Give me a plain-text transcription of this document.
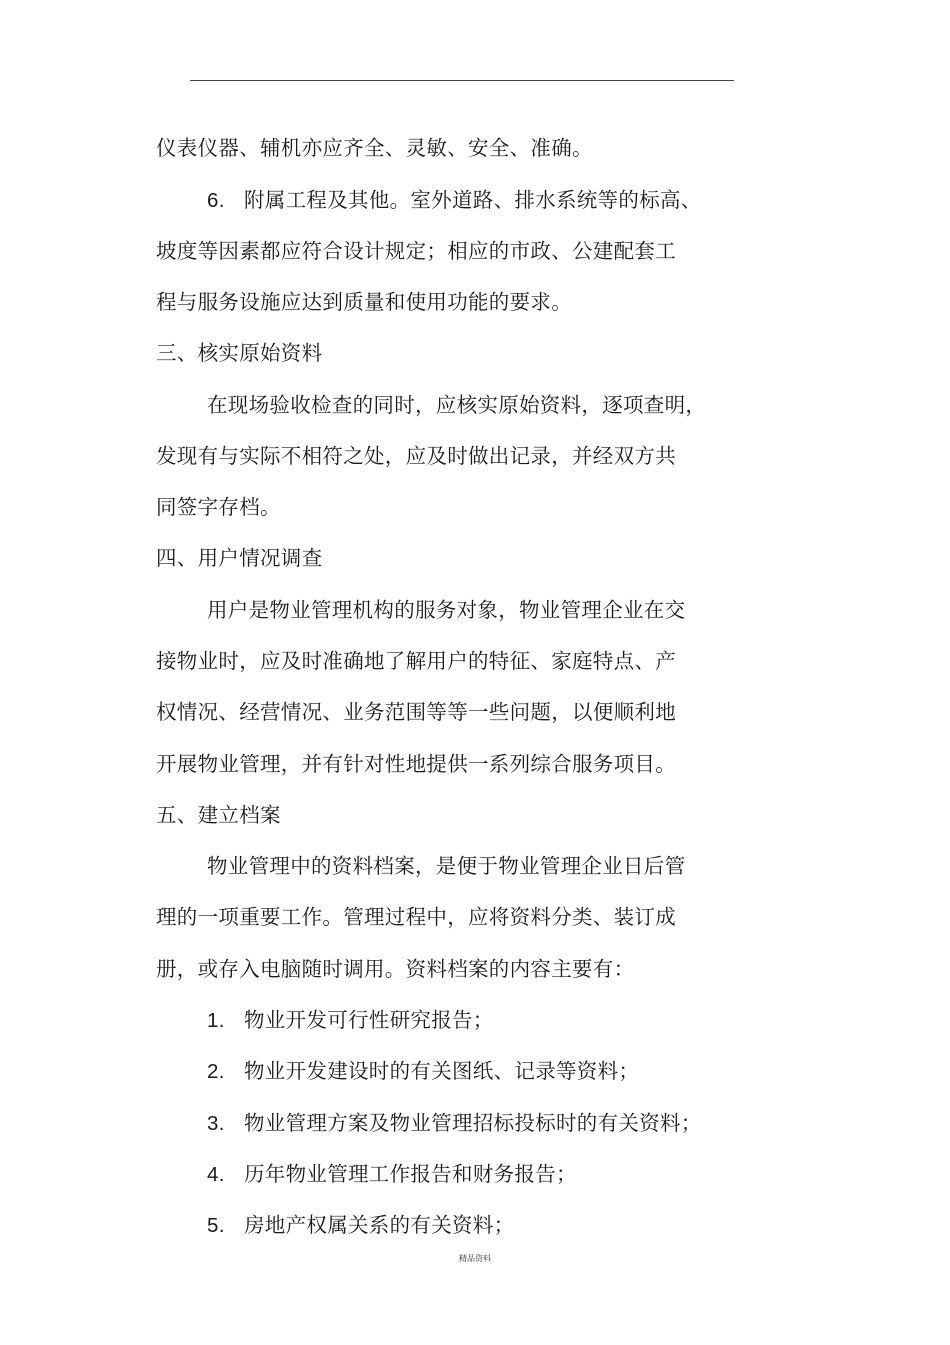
仪表仪器、辅机亦应齐全、灵敏、安全、准确。
6. 附属工程及其他。室外道路、排水系统等的标高、
坡度等因素都应符合设计规定；相应的市政、公建配套工
程与服务设施应达到质量和使用功能的要求。
三、核实原始资料
在现场验收检查的同时，应核实原始资料，逐项查明，
发现有与实际不相符之处，应及时做出记录，并经双方共
同签字存档。
四、用户情况调查
用户是物业管理机构的服务对象，物业管理企业在交
接物业时，应及时准确地了解用户的特征、家庭特点、产
权情况、经营情况、业务范围等等一些问题，以便顺利地
开展物业管理，并有针对性地提供一系列综合服务项目。
五、建立档案
物业管理中的资料档案，是便于物业管理企业日后管
理的一项重要工作。管理过程中，应将资料分类、装订成
册，或存入电脑随时调用。资料档案的内容主要有：
1. 物业开发可行性研究报告；
2. 物业开发建设时的有关图纸、记录等资料；
3. 物业管理方案及物业管理招标投标时的有关资料；
4. 历年物业管理工作报告和财务报告；
5. 房地产权属关系的有关资料；
精品资料
